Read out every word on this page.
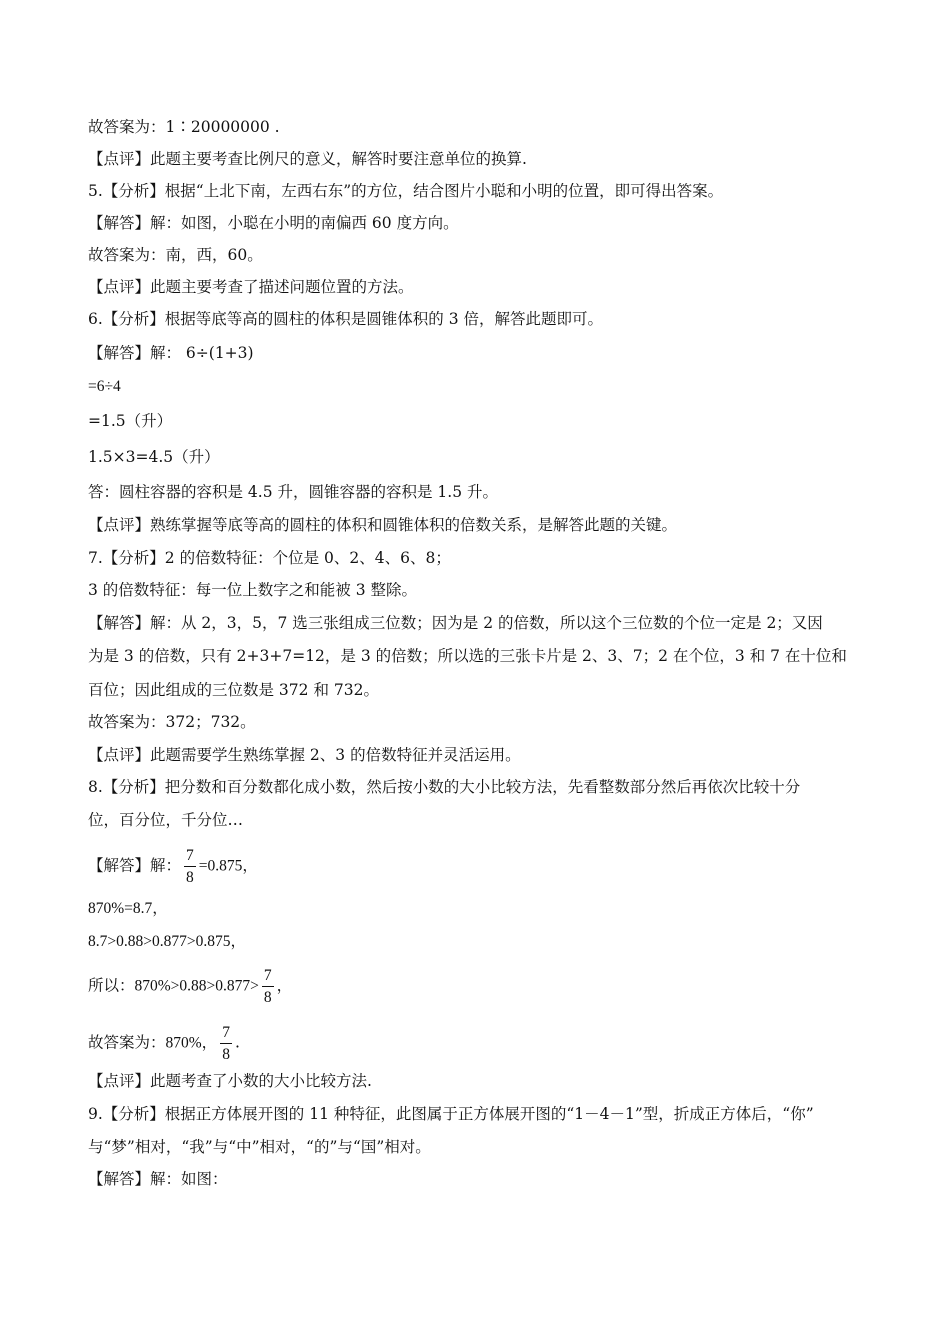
故答案为：1∶20000000 .
【点评】此题主要考查比例尺的意义，解答时要注意单位的换算.
5.【分析】根据“上北下南，左西右东”的方位，结合图片小聪和小明的位置，即可得出答案。
【解答】解：如图，小聪在小明的南偏西 60 度方向。
故答案为：南，西，60。
【点评】此题主要考查了描述问题位置的方法。
6.【分析】根据等底等高的圆柱的体积是圆锥体积的 3 倍，解答此题即可。
【解答】解： 6÷(1+3)
=6÷4
=1.5（升）
1.5×3=4.5（升）
答：圆柱容器的容积是 4.5 升，圆锥容器的容积是 1.5 升。
【点评】熟练掌握等底等高的圆柱的体积和圆锥体积的倍数关系，是解答此题的关键。
7.【分析】2 的倍数特征：个位是 0、2、4、6、8；
3 的倍数特征：每一位上数字之和能被 3 整除。
【解答】解：从 2，3，5，7 选三张组成三位数；因为是 2 的倍数，所以这个三位数的个位一定是 2；又因
为是 3 的倍数，只有 2+3+7=12，是 3 的倍数；所以选的三张卡片是 2、3、7；2 在个位，3 和 7 在十位和
百位；因此组成的三位数是 372 和 732。
故答案为：372；732。
【点评】此题需要学生熟练掌握 2、3 的倍数特征并灵活运用。
8.【分析】把分数和百分数都化成小数，然后按小数的大小比较方法，先看整数部分然后再依次比较十分
位，百分位，千分位…
【解答】解： $\frac{7}{8} =0.875$，
870%=8.7，
8.7>0.88>0.877>0.875，
所以：$870\%>0.88>0.877> \frac{7}{8}$ ，
故答案为：870%， $\frac{7}{8}$ .
【点评】此题考查了小数的大小比较方法.
9.【分析】根据正方体展开图的 11 种特征，此图属于正方体展开图的“1－4－1”型，折成正方体后，“你”
与“梦”相对，“我”与“中”相对，“的”与“国”相对。
【解答】解：如图：
